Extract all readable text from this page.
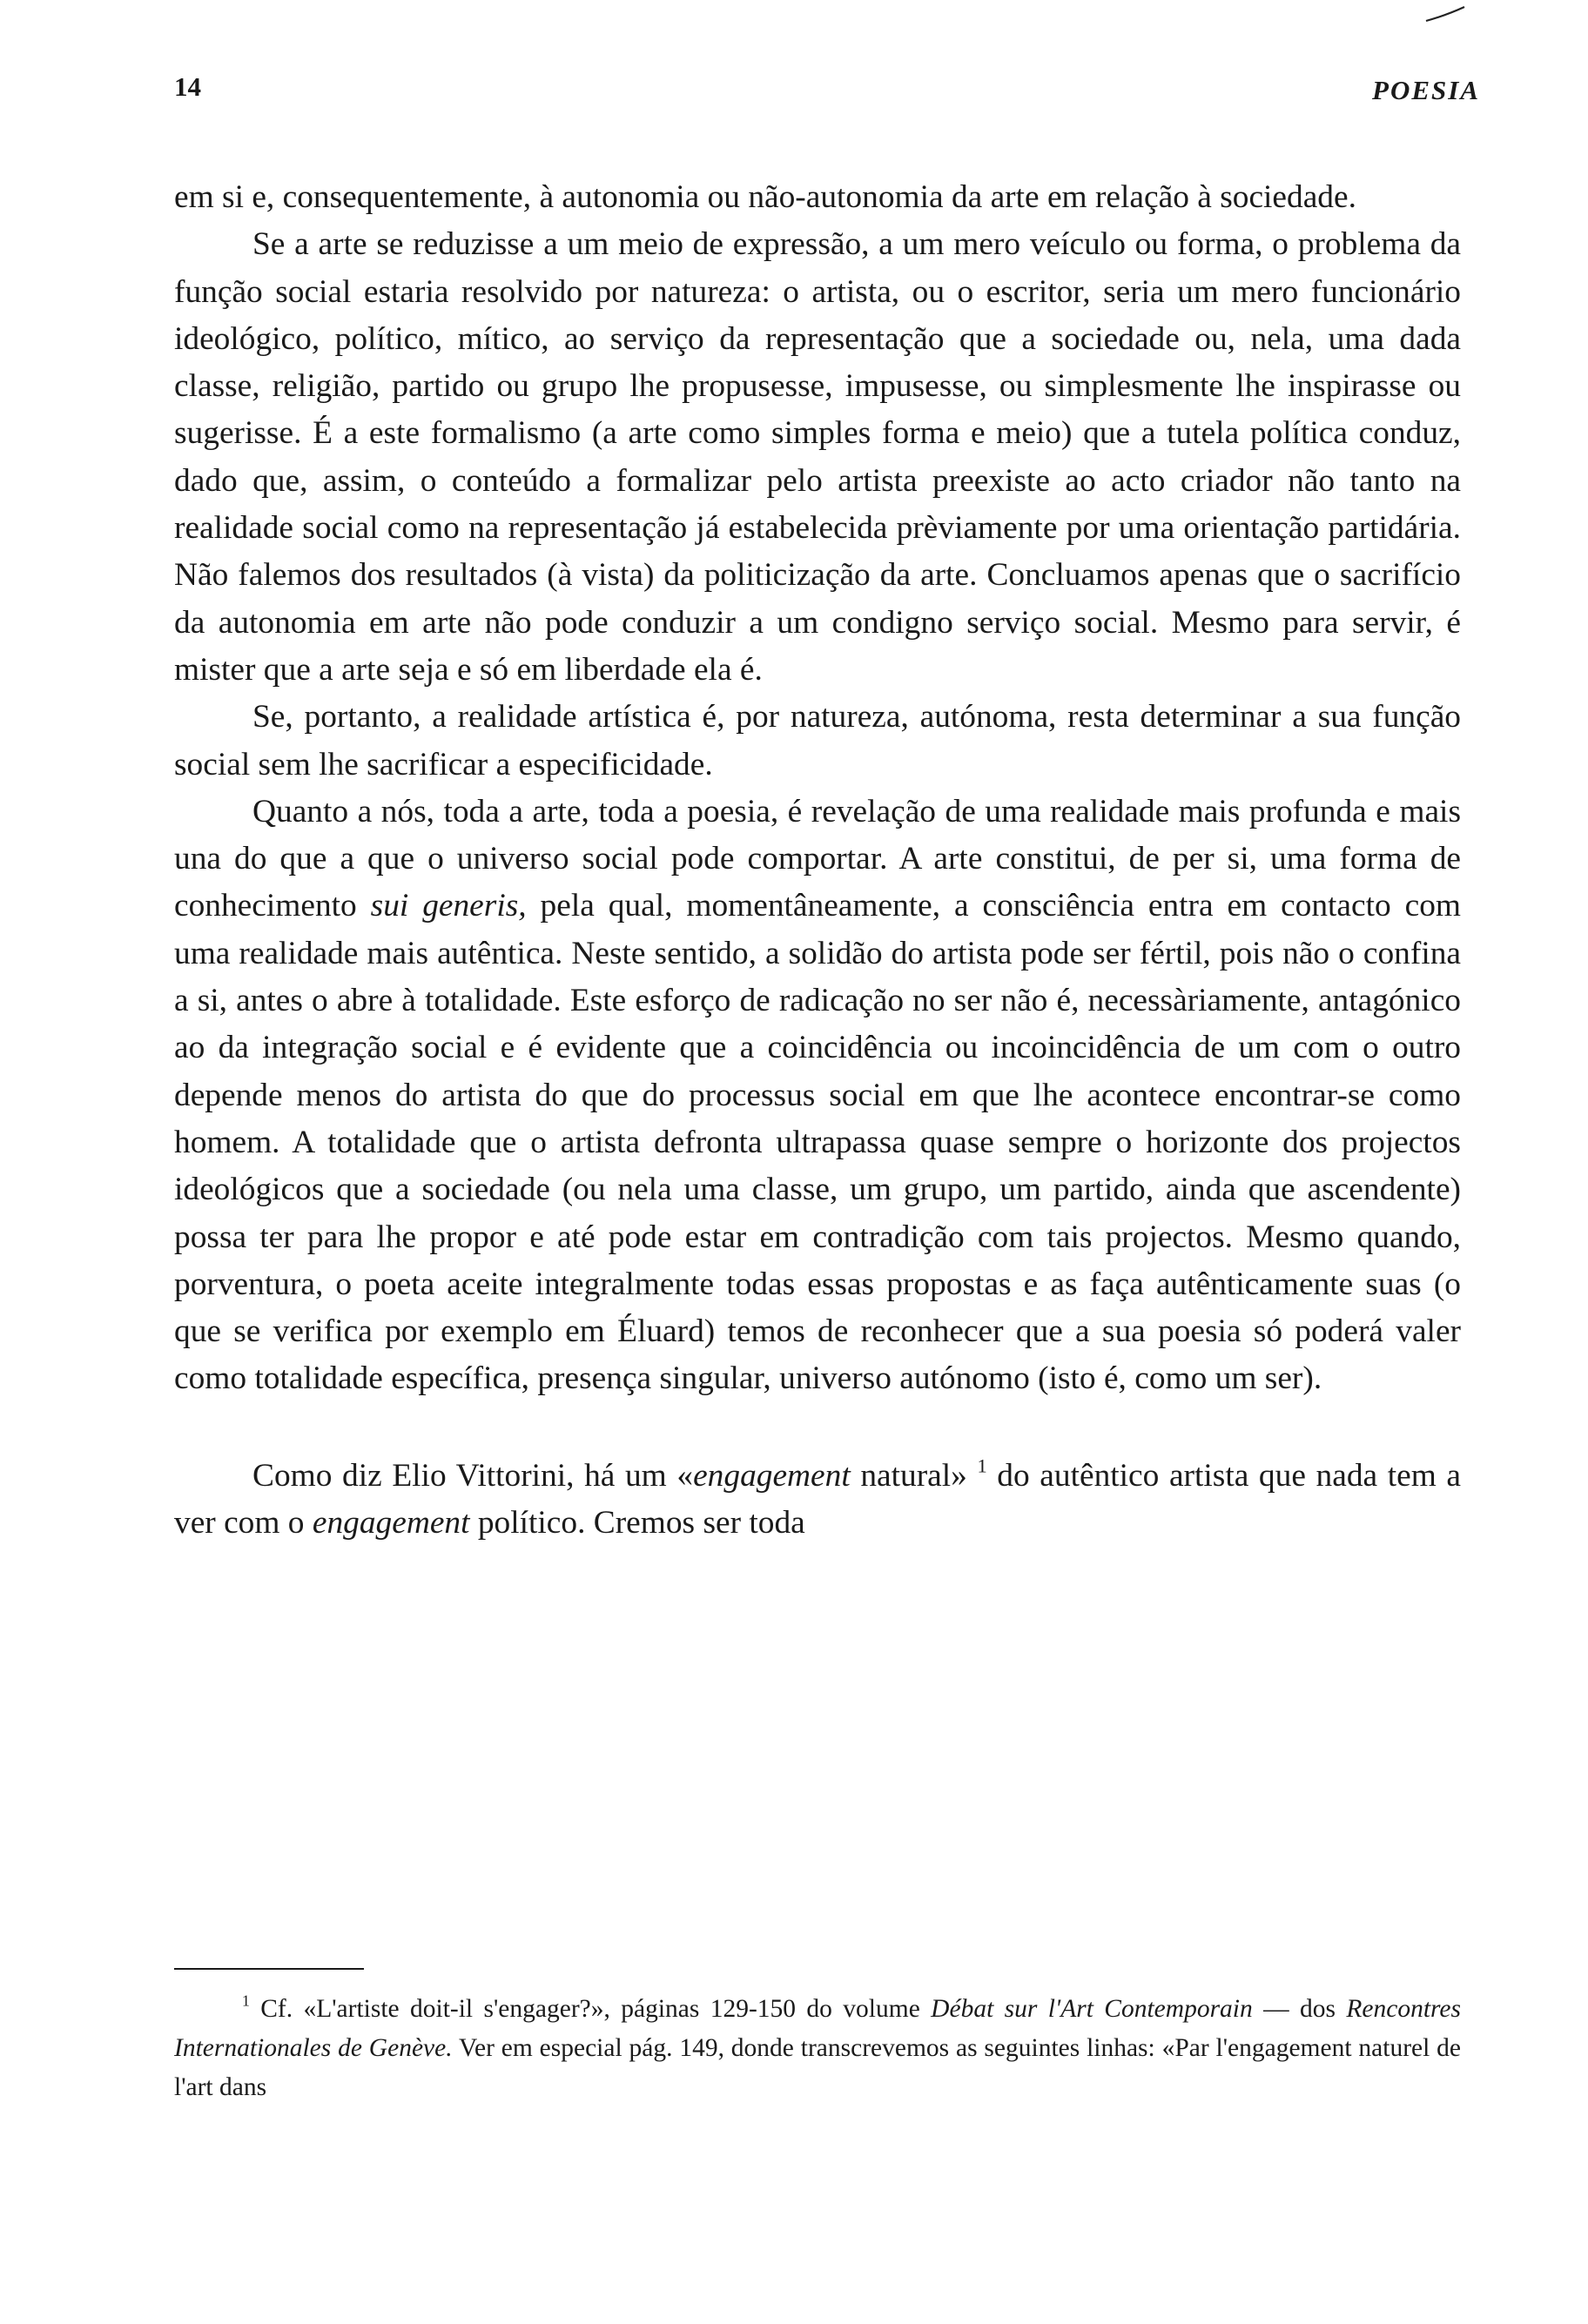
14	POESIA

em si e, consequentemente, à autonomia ou não-autonomia da arte em relação à sociedade.

Se a arte se reduzisse a um meio de expressão, a um mero veículo ou forma, o problema da função social estaria resolvido por natureza: o artista, ou o escritor, seria um mero funcionário ideológico, político, mítico, ao serviço da representação que a sociedade ou, nela, uma dada classe, religião, partido ou grupo lhe propusesse, impusesse, ou simplesmente lhe inspirasse ou sugerisse. É a este formalismo (a arte como simples forma e meio) que a tutela política conduz, dado que, assim, o conteúdo a formalizar pelo artista preexiste ao acto criador não tanto na realidade social como na representação já estabelecida prèviamente por uma orientação partidária. Não falemos dos resultados (à vista) da politicização da arte. Concluamos apenas que o sacrifício da autonomia em arte não pode conduzir a um condigno serviço social. Mesmo para servir, é mister que a arte seja e só em liberdade ela é.

Se, portanto, a realidade artística é, por natureza, autónoma, resta determinar a sua função social sem lhe sacrificar a especificidade.

Quanto a nós, toda a arte, toda a poesia, é revelação de uma realidade mais profunda e mais una do que a que o universo social pode comportar. A arte constitui, de per si, uma forma de conhecimento sui generis, pela qual, momentâneamente, a consciência entra em contacto com uma realidade mais autêntica. Neste sentido, a solidão do artista pode ser fértil, pois não o confina a si, antes o abre à totalidade. Este esforço de radicação no ser não é, necessàriamente, antagónico ao da integração social e é evidente que a coincidência ou incoincidência de um com o outro depende menos do artista do que do processus social em que lhe acontece encontrar-se como homem. A totalidade que o artista defronta ultrapassa quase sempre o horizonte dos projectos ideológicos que a sociedade (ou nela uma classe, um grupo, um partido, ainda que ascendente) possa ter para lhe propor e até pode estar em contradição com tais projectos. Mesmo quando, porventura, o poeta aceite integralmente todas essas propostas e as faça autênticamente suas (o que se verifica por exemplo em Éluard) temos de reconhecer que a sua poesia só poderá valer como totalidade específica, presença singular, universo autónomo (isto é, como um ser).

Como diz Elio Vittorini, há um «engagement natural» $^1$ do autêntico artista que nada tem a ver com o engagement político. Cremos ser toda

$^1$ Cf. «L'artiste doit-il s'engager?», páginas 129-150 do volume Débat sur l'Art Contemporain — dos Rencontres Internationales de Genève. Ver em especial pág. 149, donde transcrevemos as seguintes linhas: «Par l'engagement naturel de l'art dans
